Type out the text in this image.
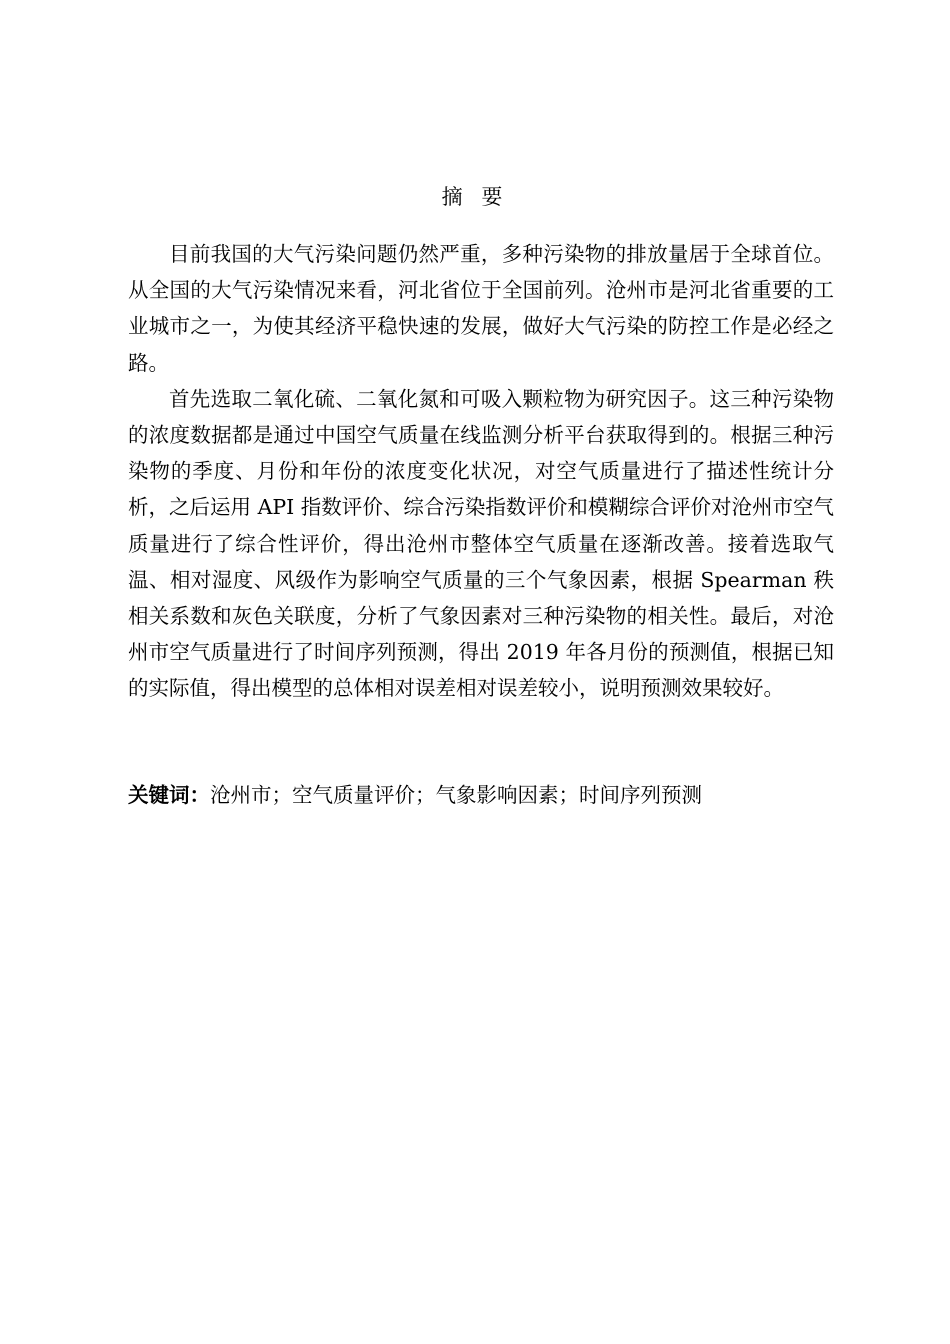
摘 要

目前我国的大气污染问题仍然严重，多种污染物的排放量居于全球首位。从全国的大气污染情况来看，河北省位于全国前列。沧州市是河北省重要的工业城市之一，为使其经济平稳快速的发展，做好大气污染的防控工作是必经之路。

首先选取二氧化硫、二氧化氮和可吸入颗粒物为研究因子。这三种污染物的浓度数据都是通过中国空气质量在线监测分析平台获取得到的。根据三种污染物的季度、月份和年份的浓度变化状况，对空气质量进行了描述性统计分析，之后运用 API 指数评价、综合污染指数评价和模糊综合评价对沧州市空气质量进行了综合性评价，得出沧州市整体空气质量在逐渐改善。接着选取气温、相对湿度、风级作为影响空气质量的三个气象因素，根据 Spearman 秩相关系数和灰色关联度，分析了气象因素对三种污染物的相关性。最后，对沧州市空气质量进行了时间序列预测，得出 2019 年各月份的预测值，根据已知的实际值，得出模型的总体相对误差相对误差较小，说明预测效果较好。

关键词：沧州市；空气质量评价；气象影响因素；时间序列预测
